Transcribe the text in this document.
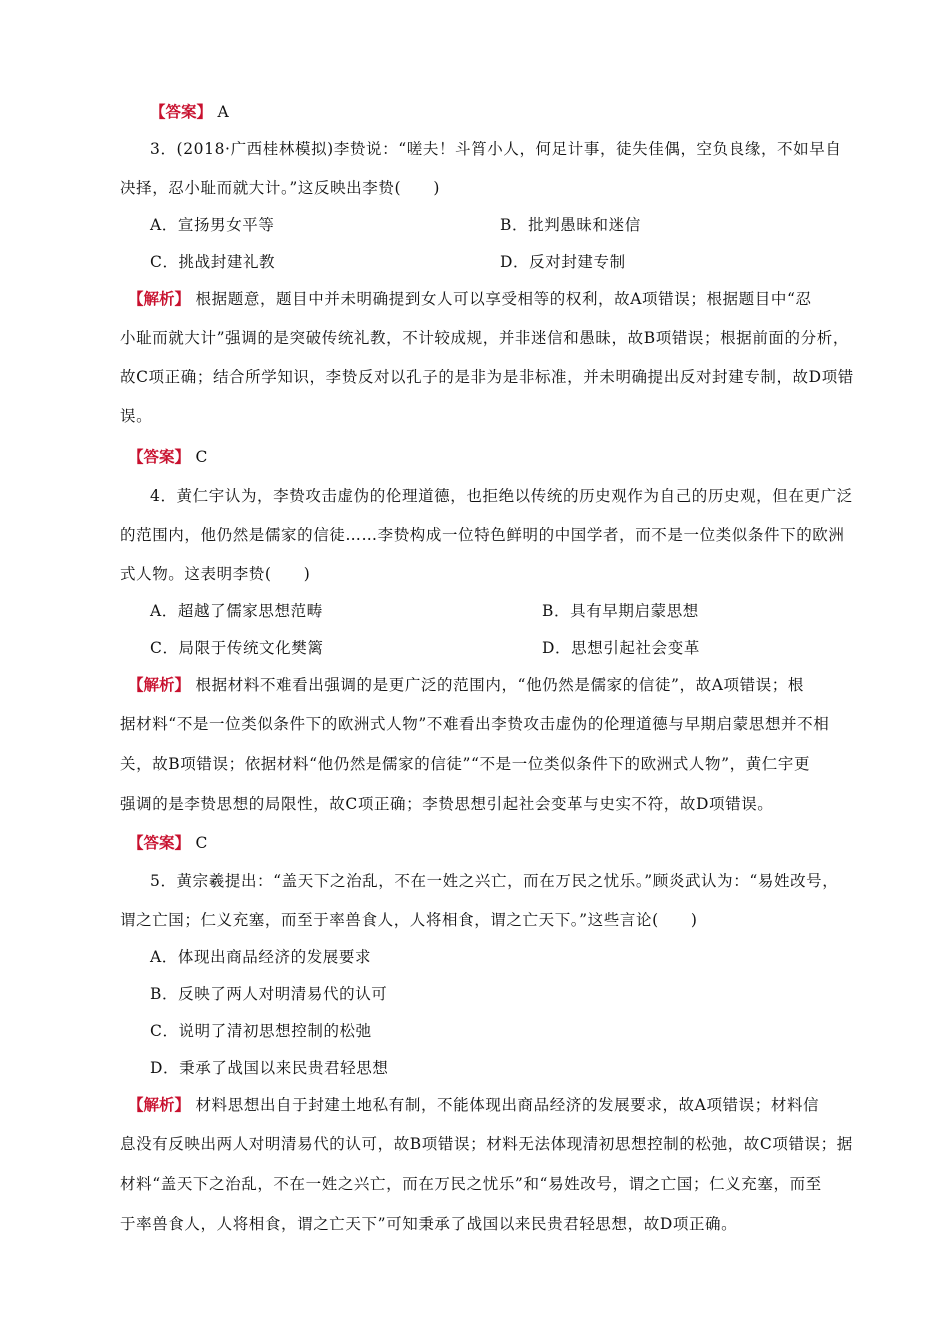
【答案】 A
3．(2018·广西桂林模拟)李贽说：“嗟夫！斗筲小人，何足计事，徒失佳偶，空负良缘，不如早自
决择，忍小耻而就大计。”这反映出李贽(　　)
A．宣扬男女平等	B．批判愚昧和迷信
C．挑战封建礼教	D．反对封建专制
【解析】 根据题意，题目中并未明确提到女人可以享受相等的权利，故A项错误；根据题目中“忍
小耻而就大计”强调的是突破传统礼教，不计较成规，并非迷信和愚昧，故B项错误；根据前面的分析，
故C项正确；结合所学知识，李贽反对以孔子的是非为是非标准，并未明确提出反对封建专制，故D项错
误。
【答案】 C
4．黄仁宇认为，李贽攻击虚伪的伦理道德，也拒绝以传统的历史观作为自己的历史观，但在更广泛
的范围内，他仍然是儒家的信徒……李贽构成一位特色鲜明的中国学者，而不是一位类似条件下的欧洲
式人物。这表明李贽(　　)
A．超越了儒家思想范畴	B．具有早期启蒙思想
C．局限于传统文化樊篱	D．思想引起社会变革
【解析】 根据材料不难看出强调的是更广泛的范围内，“他仍然是儒家的信徒”，故A项错误；根
据材料“不是一位类似条件下的欧洲式人物”不难看出李贽攻击虚伪的伦理道德与早期启蒙思想并不相
关，故B项错误；依据材料“他仍然是儒家的信徒”“不是一位类似条件下的欧洲式人物”，黄仁宇更
强调的是李贽思想的局限性，故C项正确；李贽思想引起社会变革与史实不符，故D项错误。
【答案】 C
5．黄宗羲提出：“盖天下之治乱，不在一姓之兴亡，而在万民之忧乐。”顾炎武认为：“易姓改号，
谓之亡国；仁义充塞，而至于率兽食人，人将相食，谓之亡天下。”这些言论(　　)
A．体现出商品经济的发展要求
B．反映了两人对明清易代的认可
C．说明了清初思想控制的松弛
D．秉承了战国以来民贵君轻思想
【解析】 材料思想出自于封建土地私有制，不能体现出商品经济的发展要求，故A项错误；材料信
息没有反映出两人对明清易代的认可，故B项错误；材料无法体现清初思想控制的松弛，故C项错误；据
材料“盖天下之治乱，不在一姓之兴亡，而在万民之忧乐”和“易姓改号，谓之亡国；仁义充塞，而至
于率兽食人，人将相食，谓之亡天下”可知秉承了战国以来民贵君轻思想，故D项正确。
